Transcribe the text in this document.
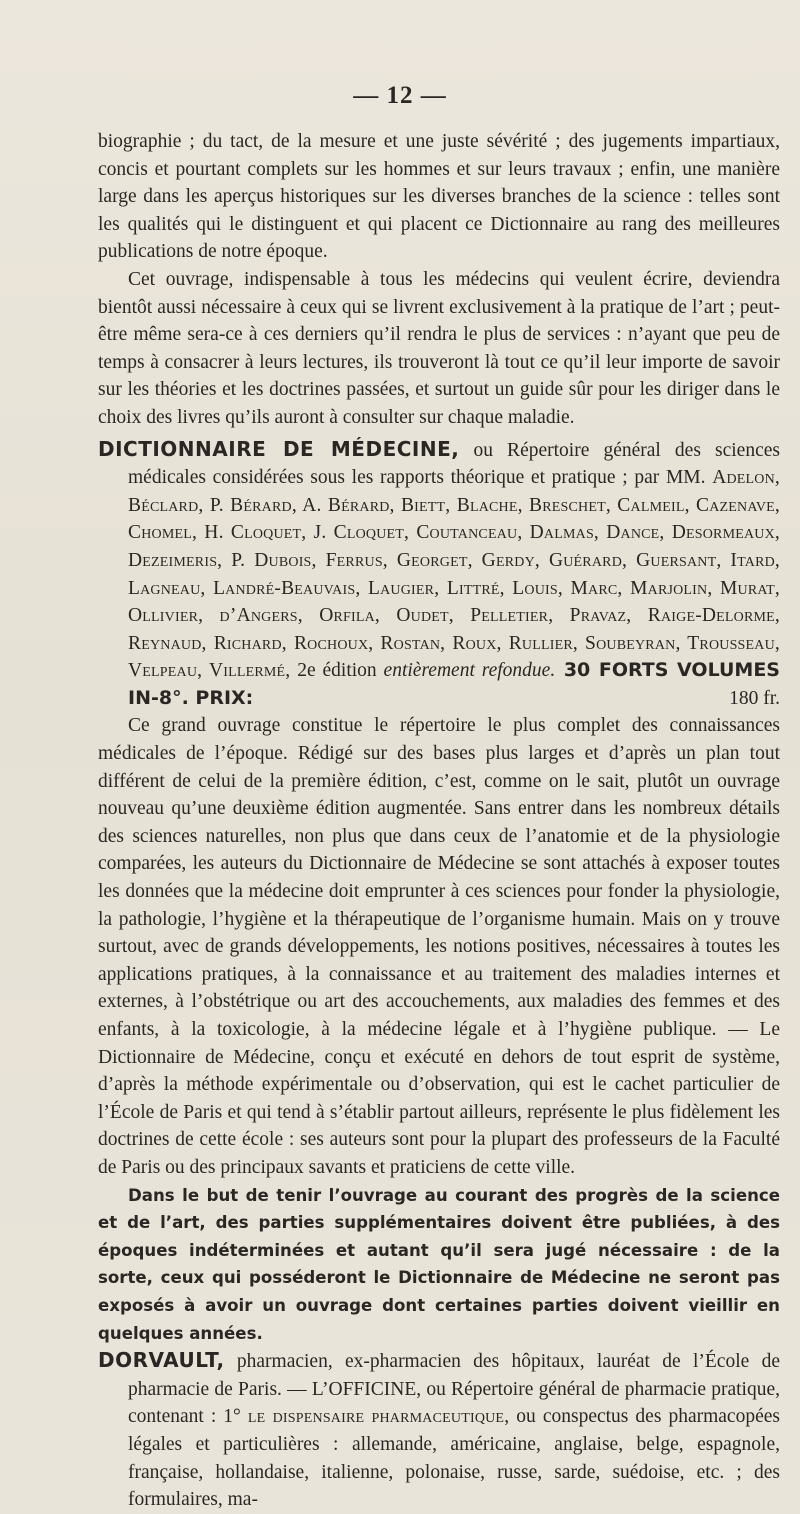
— 12 —

biographie ; du tact, de la mesure et une juste sévérité ; des jugements impartiaux, concis et pourtant complets sur les hommes et sur leurs travaux ; enfin, une manière large dans les aperçus historiques sur les diverses branches de la science : telles sont les qualités qui le distinguent et qui placent ce Dictionnaire au rang des meilleures publications de notre époque.

Cet ouvrage, indispensable à tous les médecins qui veulent écrire, deviendra bientôt aussi nécessaire à ceux qui se livrent exclusivement à la pratique de l’art ; peut-être même sera-ce à ces derniers qu’il rendra le plus de services : n’ayant que peu de temps à consacrer à leurs lectures, ils trouveront là tout ce qu’il leur importe de savoir sur les théories et les doctrines passées, et surtout un guide sûr pour les diriger dans le choix des livres qu’ils auront à consulter sur chaque maladie.

DICTIONNAIRE DE MÉDECINE, ou Répertoire général des sciences médicales considérées sous les rapports théorique et pratique ; par MM. Adelon, Béclard, P. Bérard, A. Bérard, Biett, Blache, Breschet, Calmeil, Cazenave, Chomel, H. Cloquet, J. Cloquet, Coutanceau, Dalmas, Dance, Desormeaux, Dezeimeris, P. Dubois, Ferrus, Georget, Gerdy, Guérard, Guersant, Itard, Lagneau, Landré-Beauvais, Laugier, Littré, Louis, Marc, Marjolin, Murat, Ollivier, d’Angers, Orfila, Oudet, Pelletier, Pravaz, Raige-Delorme, Reynaud, Richard, Rochoux, Rostan, Roux, Rullier, Soubeyran, Trousseau, Velpeau, Villermé, 2e édition entièrement refondue. 30 FORTS VOLUMES IN-8°. PRIX:	180 fr.

Ce grand ouvrage constitue le répertoire le plus complet des connaissances médicales de l’époque. Rédigé sur des bases plus larges et d’après un plan tout différent de celui de la première édition, c’est, comme on le sait, plutôt un ouvrage nouveau qu’une deuxième édition augmentée. Sans entrer dans les nombreux détails des sciences naturelles, non plus que dans ceux de l’anatomie et de la physiologie comparées, les auteurs du Dictionnaire de Médecine se sont attachés à exposer toutes les données que la médecine doit emprunter à ces sciences pour fonder la physiologie, la pathologie, l’hygiène et la thérapeutique de l’organisme humain. Mais on y trouve surtout, avec de grands développements, les notions positives, nécessaires à toutes les applications pratiques, à la connaissance et au traitement des maladies internes et externes, à l’obstétrique ou art des accouchements, aux maladies des femmes et des enfants, à la toxicologie, à la médecine légale et à l’hygiène publique. — Le Dictionnaire de Médecine, conçu et exécuté en dehors de tout esprit de système, d’après la méthode expérimentale ou d’observation, qui est le cachet particulier de l’École de Paris et qui tend à s’établir partout ailleurs, représente le plus fidèlement les doctrines de cette école : ses auteurs sont pour la plupart des professeurs de la Faculté de Paris ou des principaux savants et praticiens de cette ville.

Dans le but de tenir l’ouvrage au courant des progrès de la science et de l’art, des parties supplémentaires doivent être publiées, à des époques indéterminées et autant qu’il sera jugé nécessaire : de la sorte, ceux qui posséderont le Dictionnaire de Médecine ne seront pas exposés à avoir un ouvrage dont certaines parties doivent vieillir en quelques années.

DORVAULT, pharmacien, ex-pharmacien des hôpitaux, lauréat de l’École de pharmacie de Paris. — L’OFFICINE, ou Répertoire général de pharmacie pratique, contenant : 1° le dispensaire pharmaceutique, ou conspectus des pharmacopées légales et particulières : allemande, américaine, anglaise, belge, espagnole, française, hollandaise, italienne, polonaise, russe, sarde, suédoise, etc. ; des formulaires, ma-
